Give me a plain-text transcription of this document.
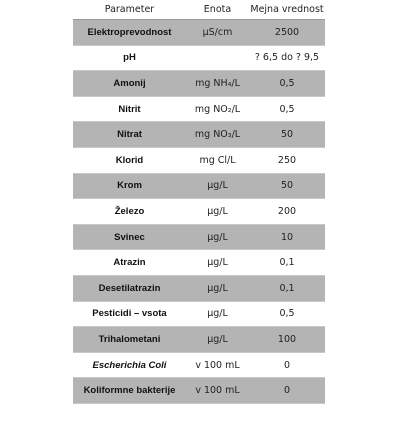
Parameter	Enota	Mejna vrednost
Elektroprevodnost	µS/cm	2500
pH		? 6,5 do ? 9,5
Amonij	mg NH₄/L	0,5
Nitrit	mg NO₂/L	0,5
Nitrat	mg NO₃/L	50
Klorid	mg Cl/L	250
Krom	µg/L	50
Železo	µg/L	200
Svinec	µg/L	10
Atrazin	µg/L	0,1
Desetilatrazin	µg/L	0,1
Pesticidi – vsota	µg/L	0,5
Trihalometani	µg/L	100
Escherichia Coli	v 100 mL	0
Koliformne bakterije	v 100 mL	0
